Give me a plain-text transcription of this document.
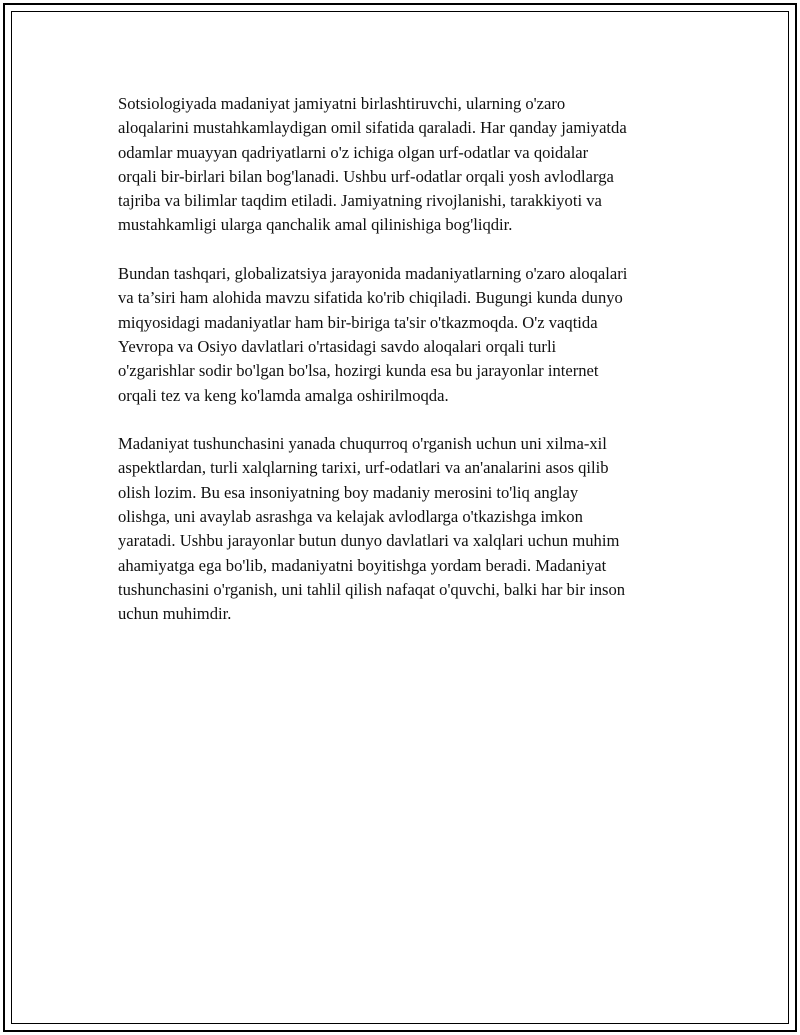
Sotsiologiyada madaniyat jamiyatni birlashtiruvchi, ularning o'zaro
aloqalarini mustahkamlaydigan omil sifatida qaraladi. Har qanday jamiyatda
odamlar muayyan qadriyatlarni o'z ichiga olgan urf-odatlar va qoidalar
orqali bir-birlari bilan bog'lanadi. Ushbu urf-odatlar orqali yosh avlodlarga
tajriba va bilimlar taqdim etiladi. Jamiyatning rivojlanishi, tarakkiyoti va
mustahkamligi ularga qanchalik amal qilinishiga bog'liqdir.

Bundan tashqari, globalizatsiya jarayonida madaniyatlarning o'zaro aloqalari
va ta’siri ham alohida mavzu sifatida ko'rib chiqiladi. Bugungi kunda dunyo
miqyosidagi madaniyatlar ham bir-biriga ta'sir o'tkazmoqda. O'z vaqtida
Yevropa va Osiyo davlatlari o'rtasidagi savdo aloqalari orqali turli
o'zgarishlar sodir bo'lgan bo'lsa, hozirgi kunda esa bu jarayonlar internet
orqali tez va keng ko'lamda amalga oshirilmoqda.

Madaniyat tushunchasini yanada chuqurroq o'rganish uchun uni xilma-xil
aspektlardan, turli xalqlarning tarixi, urf-odatlari va an'analarini asos qilib
olish lozim. Bu esa insoniyatning boy madaniy merosini to'liq anglay
olishga, uni avaylab asrashga va kelajak avlodlarga o'tkazishga imkon
yaratadi. Ushbu jarayonlar butun dunyo davlatlari va xalqlari uchun muhim
ahamiyatga ega bo'lib, madaniyatni boyitishga yordam beradi. Madaniyat
tushunchasini o'rganish, uni tahlil qilish nafaqat o'quvchi, balki har bir inson
uchun muhimdir.
